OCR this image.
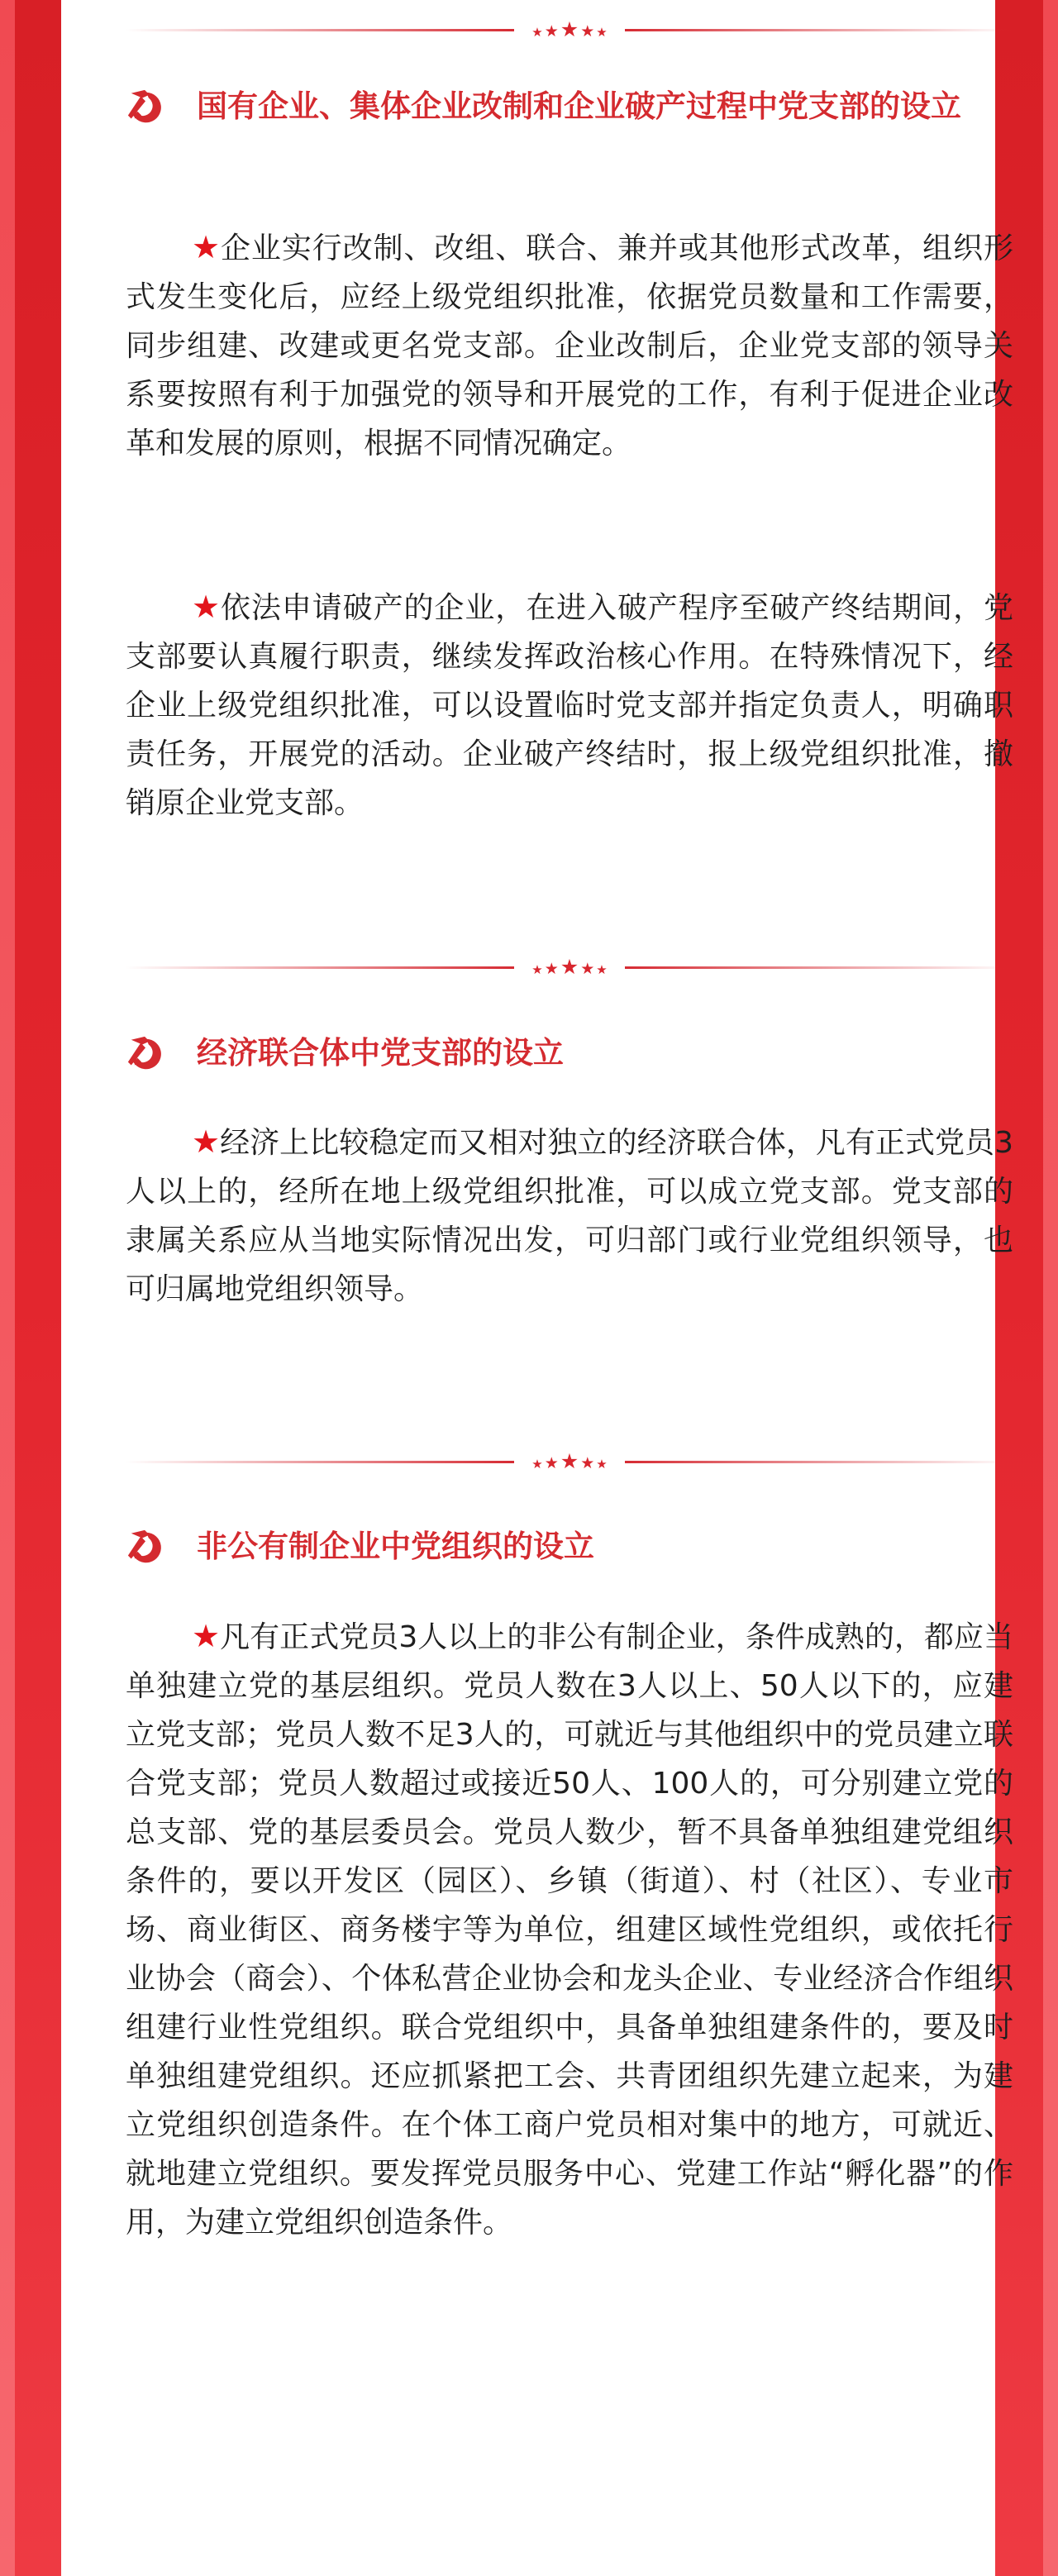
★ ★★ ★ ★
国有企业、集体企业改制和企业破产过程中党支部的设立

★企业实行改制、改组、联合、兼并或其他形式改革，组织形式发生变化后，应经上级党组织批准，依据党员数量和工作需要，同步组建、改建或更名党支部。企业改制后，企业党支部的领导关系要按照有利于加强党的领导和开展党的工作，有利于促进企业改革和发展的原则，根据不同情况确定。

★依法申请破产的企业，在进入破产程序至破产终结期间，党支部要认真履行职责，继续发挥政治核心作用。在特殊情况下，经企业上级党组织批准，可以设置临时党支部并指定负责人，明确职责任务，开展党的活动。企业破产终结时，报上级党组织批准，撤销原企业党支部。

★ ★★ ★ ★
经济联合体中党支部的设立

★经济上比较稳定而又相对独立的经济联合体，凡有正式党员3人以上的，经所在地上级党组织批准，可以成立党支部。党支部的隶属关系应从当地实际情况出发，可归部门或行业党组织领导，也可归属地党组织领导。

★ ★★ ★ ★
非公有制企业中党组织的设立

★凡有正式党员3人以上的非公有制企业，条件成熟的，都应当单独建立党的基层组织。党员人数在3人以上、50人以下的，应建立党支部；党员人数不足3人的，可就近与其他组织中的党员建立联合党支部；党员人数超过或接近50人、100人的，可分别建立党的总支部、党的基层委员会。党员人数少，暂不具备单独组建党组织条件的，要以开发区（园区）、乡镇（街道）、村（社区）、专业市场、商业街区、商务楼宇等为单位，组建区域性党组织，或依托行业协会（商会）、个体私营企业协会和龙头企业、专业经济合作组织组建行业性党组织。联合党组织中，具备单独组建条件的，要及时单独组建党组织。还应抓紧把工会、共青团组织先建立起来，为建立党组织创造条件。在个体工商户党员相对集中的地方，可就近、就地建立党组织。要发挥党员服务中心、党建工作站“孵化器”的作用，为建立党组织创造条件。
